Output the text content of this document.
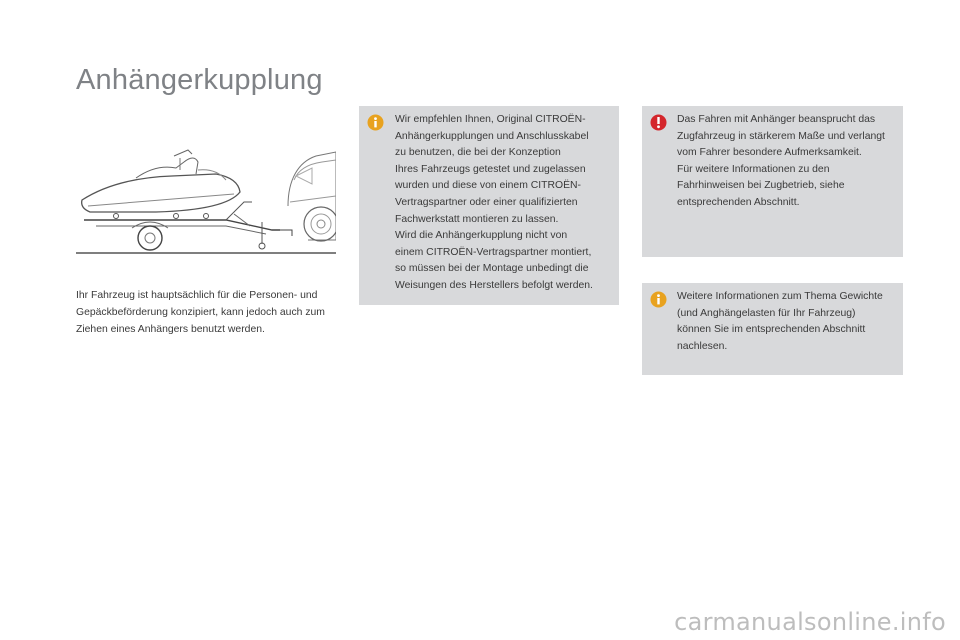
Anhängerkupplung

Ihr Fahrzeug ist hauptsächlich für die Personen- und Gepäckbeförderung konzipiert, kann jedoch auch zum Ziehen eines Anhängers benutzt werden.

Wir empfehlen Ihnen, Original CITROËN-
Anhängerkupplungen und Anschlusskabel
zu benutzen, die bei der Konzeption
Ihres Fahrzeugs getestet und zugelassen
wurden und diese von einem CITROËN-
Vertragspartner oder einer qualifizierten
Fachwerkstatt montieren zu lassen.
Wird die Anhängerkupplung nicht von
einem CITROËN-Vertragspartner montiert,
so müssen bei der Montage unbedingt die
Weisungen des Herstellers befolgt werden.
Das Fahren mit Anhänger beansprucht das
Zugfahrzeug in stärkerem Maße und verlangt
vom Fahrer besondere Aufmerksamkeit.
Für weitere Informationen zu den
Fahrhinweisen bei Zugbetrieb, siehe
entsprechenden Abschnitt.
Weitere Informationen zum Thema Gewichte
(und Anghängelasten für Ihr Fahrzeug)
können Sie im entsprechenden Abschnitt
nachlesen.
carmanualsonline.info
